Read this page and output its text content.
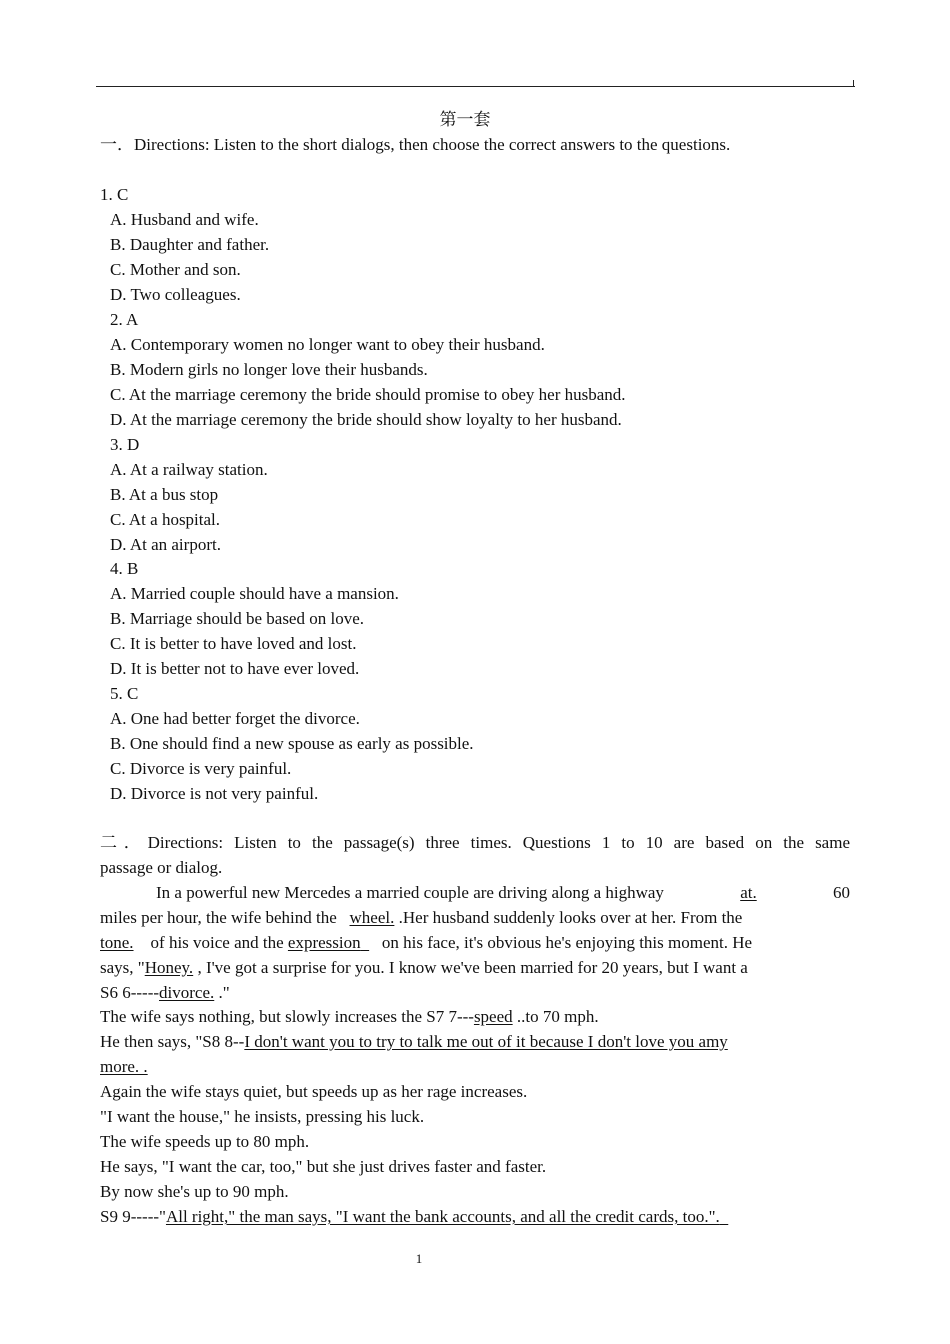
第一套
一．Directions: Listen to the short dialogs, then choose the correct answers to the questions.
1. C
A. Husband and wife.
B. Daughter and father.
C. Mother and son.
D. Two colleagues.
2. A
A. Contemporary women no longer want to obey their husband.
B. Modern girls no longer love their husbands.
C. At the marriage ceremony the bride should promise to obey her husband.
D. At the marriage ceremony the bride should show loyalty to her husband.
3. D
A. At a railway station.
B. At a bus stop
C. At a hospital.
D. At an airport.
4. B
A. Married couple should have a mansion.
B. Marriage should be based on love.
C. It is better to have loved and lost.
D. It is better not to have ever loved.
5. C
A. One had better forget the divorce.
B. One should find a new spouse as early as possible.
C. Divorce is very painful.
D. Divorce is not very painful.
二．Directions: Listen to the passage(s) three times. Questions 1 to 10 are based on the same
passage or dialog.
In a powerful new Mercedes a married couple are driving along a highway	at.	60
miles per hour, the wife behind the wheel. .Her husband suddenly looks over at her. From the
tone. of his voice and the expression on his face, it's obvious he's enjoying this moment. He
says, "Honey. , I've got a surprise for you. I know we've been married for 20 years, but I want a
S6 6-----divorce. ."
The wife says nothing, but slowly increases the S7 7---speed ..to 70 mph.
He then says, "S8 8--I don't want you to try to talk me out of it because I don't love you amy
more. .
Again the wife stays quiet, but speeds up as her rage increases.
"I want the house," he insists, pressing his luck.
The wife speeds up to 80 mph.
He says, "I want the car, too," but she just drives faster and faster.
By now she's up to 90 mph.
S9 9-----"All right," the man says, "I want the bank accounts, and all the credit cards, too.".
1
